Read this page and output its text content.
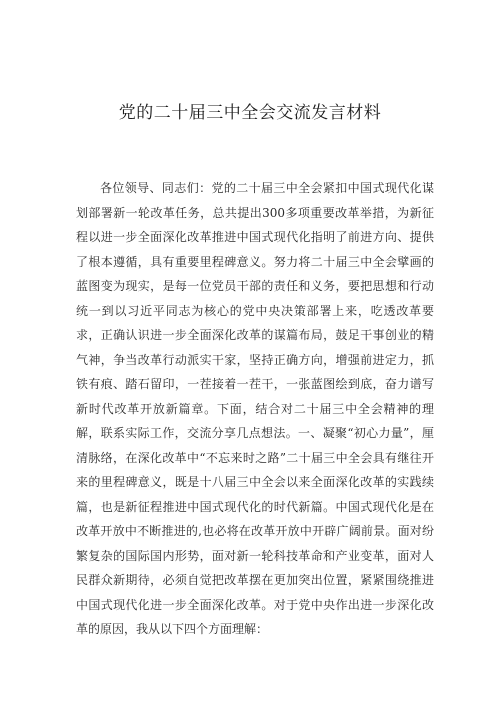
党的二十届三中全会交流发言材料

各位领导、同志们：党的二十届三中全会紧扣中国式现代化谋划部署新一轮改革任务，总共提出300多项重要改革举措，为新征程以进一步全面深化改革推进中国式现代化指明了前进方向、提供了根本遵循，具有重要里程碑意义。努力将二十届三中全会擘画的蓝图变为现实，是每一位党员干部的责任和义务，要把思想和行动统一到以习近平同志为核心的党中央决策部署上来，吃透改革要求，正确认识进一步全面深化改革的谋篇布局，鼓足干事创业的精气神，争当改革行动派实干家，坚持正确方向，增强前进定力，抓铁有痕、踏石留印，一茬接着一茬干，一张蓝图绘到底，奋力谱写新时代改革开放新篇章。下面，结合对二十届三中全会精神的理解，联系实际工作，交流分享几点想法。一、凝聚“初心力量”，厘清脉络，在深化改革中“不忘来时之路”二十届三中全会具有继往开来的里程碑意义，既是十八届三中全会以来全面深化改革的实践续篇，也是新征程推进中国式现代化的时代新篇。中国式现代化是在改革开放中不断推进的,也必将在改革开放中开辟广阔前景。面对纷繁复杂的国际国内形势，面对新一轮科技革命和产业变革，面对人民群众新期待，必须自觉把改革摆在更加突出位置，紧紧围绕推进中国式现代化进一步全面深化改革。对于党中央作出进一步深化改革的原因，我从以下四个方面理解：
